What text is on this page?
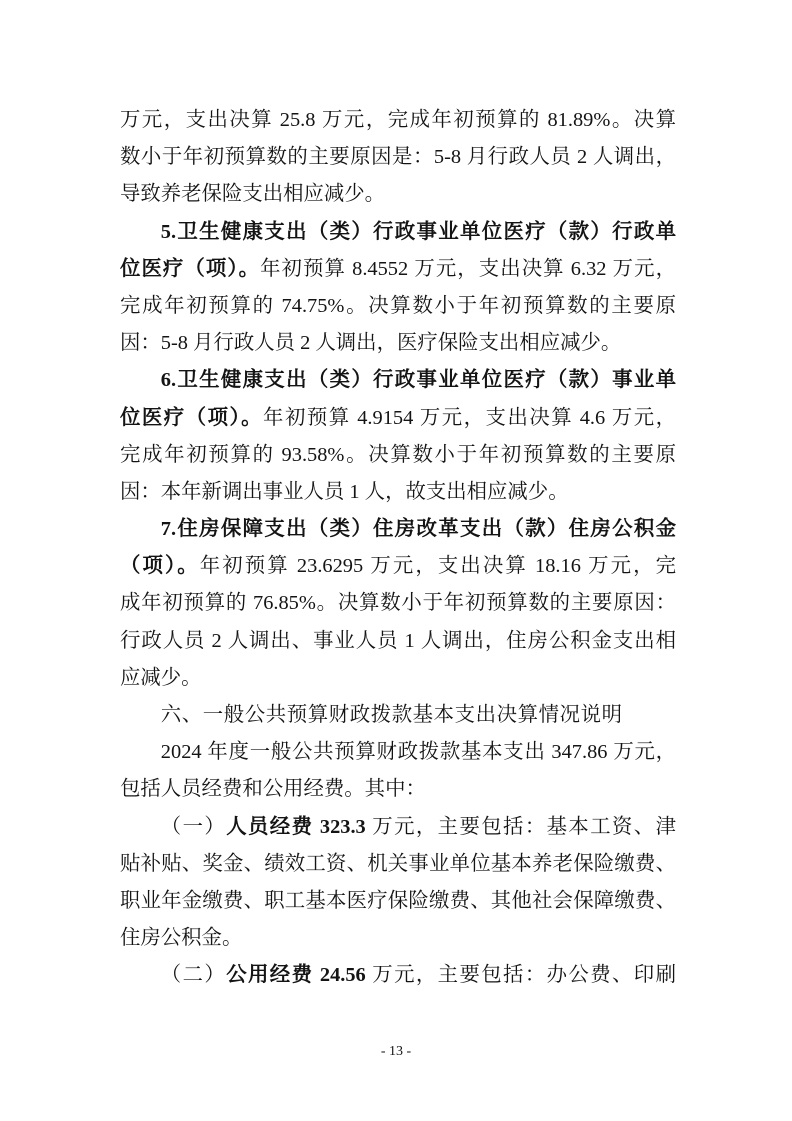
万元，支出决算 25.8 万元，完成年初预算的 81.89%。决算
数小于年初预算数的主要原因是：5-8 月行政人员 2 人调出，
导致养老保险支出相应减少。
5.卫生健康支出（类）行政事业单位医疗（款）行政单
位医疗（项）。年初预算 8.4552 万元，支出决算 6.32 万元，
完成年初预算的 74.75%。决算数小于年初预算数的主要原
因：5-8 月行政人员 2 人调出，医疗保险支出相应减少。
6.卫生健康支出（类）行政事业单位医疗（款）事业单
位医疗（项）。年初预算 4.9154 万元，支出决算 4.6 万元，
完成年初预算的 93.58%。决算数小于年初预算数的主要原
因：本年新调出事业人员 1 人，故支出相应减少。
7.住房保障支出（类）住房改革支出（款）住房公积金
（项）。年初预算 23.6295 万元，支出决算 18.16 万元，完
成年初预算的 76.85%。决算数小于年初预算数的主要原因：
行政人员 2 人调出、事业人员 1 人调出，住房公积金支出相
应减少。
六、一般公共预算财政拨款基本支出决算情况说明
2024 年度一般公共预算财政拨款基本支出 347.86 万元，
包括人员经费和公用经费。其中：
（一）人员经费 323.3 万元，主要包括：基本工资、津
贴补贴、奖金、绩效工资、机关事业单位基本养老保险缴费、
职业年金缴费、职工基本医疗保险缴费、其他社会保障缴费、
住房公积金。
（二）公用经费 24.56 万元，主要包括：办公费、印刷
- 13 -
